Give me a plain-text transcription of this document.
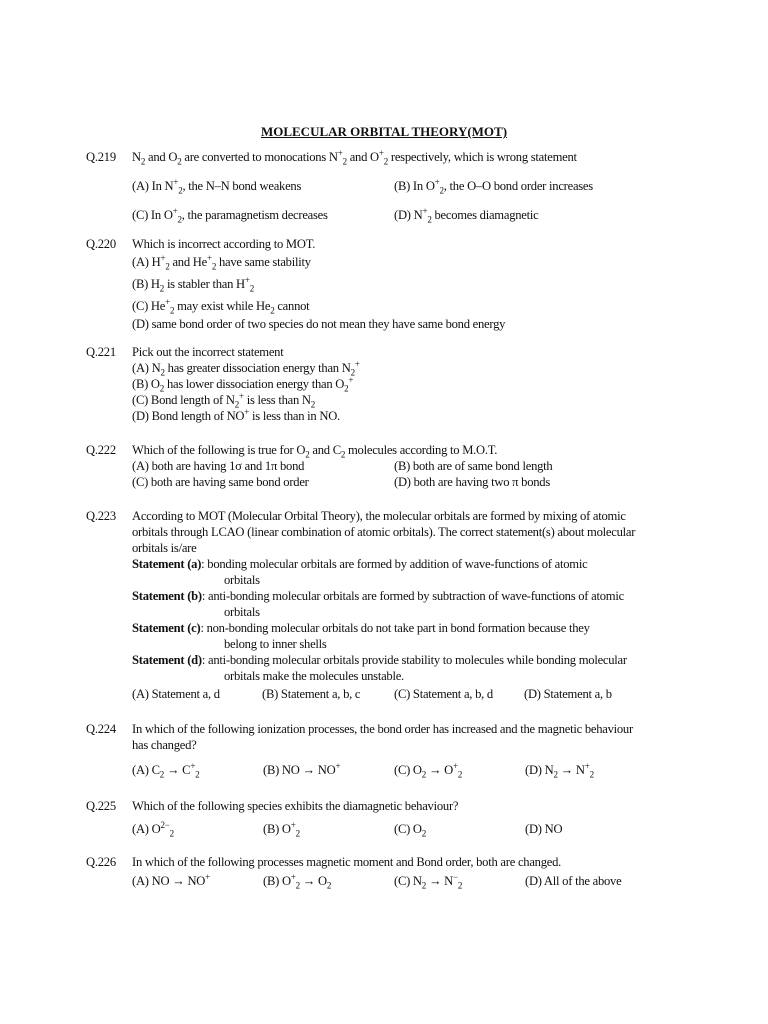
MOLECULAR ORBITAL THEORY(MOT)
Q.219 $N_2$ and $O_2$ are converted to monocations $N^+_2$ and $O^+_2$ respectively, which is wrong statement
(A) In $N^+_2$, the N–N bond weakens	(B) In $O^+_2$, the O–O bond order increases
(C) In $O^+_2$, the paramagnetism decreases	(D) $N^+_2$ becomes diamagnetic
Q.220 Which is incorrect according to MOT.
(A) $H^+_2$ and $He^+_2$ have same stability
(B) $H_2$ is stabler than $H^+_2$
(C) $He^+_2$ may exist while $He_2$ cannot
(D) same bond order of two species do not mean they have same bond energy
Q.221 Pick out the incorrect statement
(A) $N_2$ has greater dissociation energy than $N_2^+$
(B) $O_2$ has lower dissociation energy than $O_2^+$
(C) Bond length of $N_2^+$ is less than $N_2$
(D) Bond length of NO+ is less than in NO.
Q.222 Which of the following is true for $O_2$ and $C_2$ molecules according to M.O.T.
(A) both are having 1σ and 1π bond	(B) both are of same bond length
(C) both are having same bond order	(D) both are having two π bonds
Q.223 According to MOT (Molecular Orbital Theory), the molecular orbitals are formed by mixing of atomic
orbitals through LCAO (linear combination of atomic orbitals). The correct statement(s) about molecular
orbitals is/are
Statement (a) : bonding molecular orbitals are formed by addition of wave-functions of atomic
orbitals
Statement (b) : anti-bonding molecular orbitals are formed by subtraction of wave-functions of atomic
orbitals
Statement (c) : non-bonding molecular orbitals do not take part in bond formation because they
belong to inner shells
Statement (d) : anti-bonding molecular orbitals provide stability to molecules while bonding molecular
orbitals make the molecules unstable.
(A) Statement a, d	(B) Statement a, b, c	(C) Statement a, b, d	(D) Statement a, b
Q.224 In which of the following ionization processes, the bond order has increased and the magnetic behaviour
has changed?
(A) $C_2 \to C^+_2$	(B) NO → NO+	(C) $O_2 \to O^+_2$	(D) $N_2 \to N^+_2$
Q.225 Which of the following species exhibits the diamagnetic behaviour?
(A) $O^{2-}_2$	(B) $O^+_2$	(C) $O_2$	(D) NO
Q.226 In which of the following processes magnetic moment and Bond order, both are changed.
(A) NO → NO+	(B) $O^+_2 \to O_2$	(C) $N_2 \to N^-_2$	(D) All of the above
